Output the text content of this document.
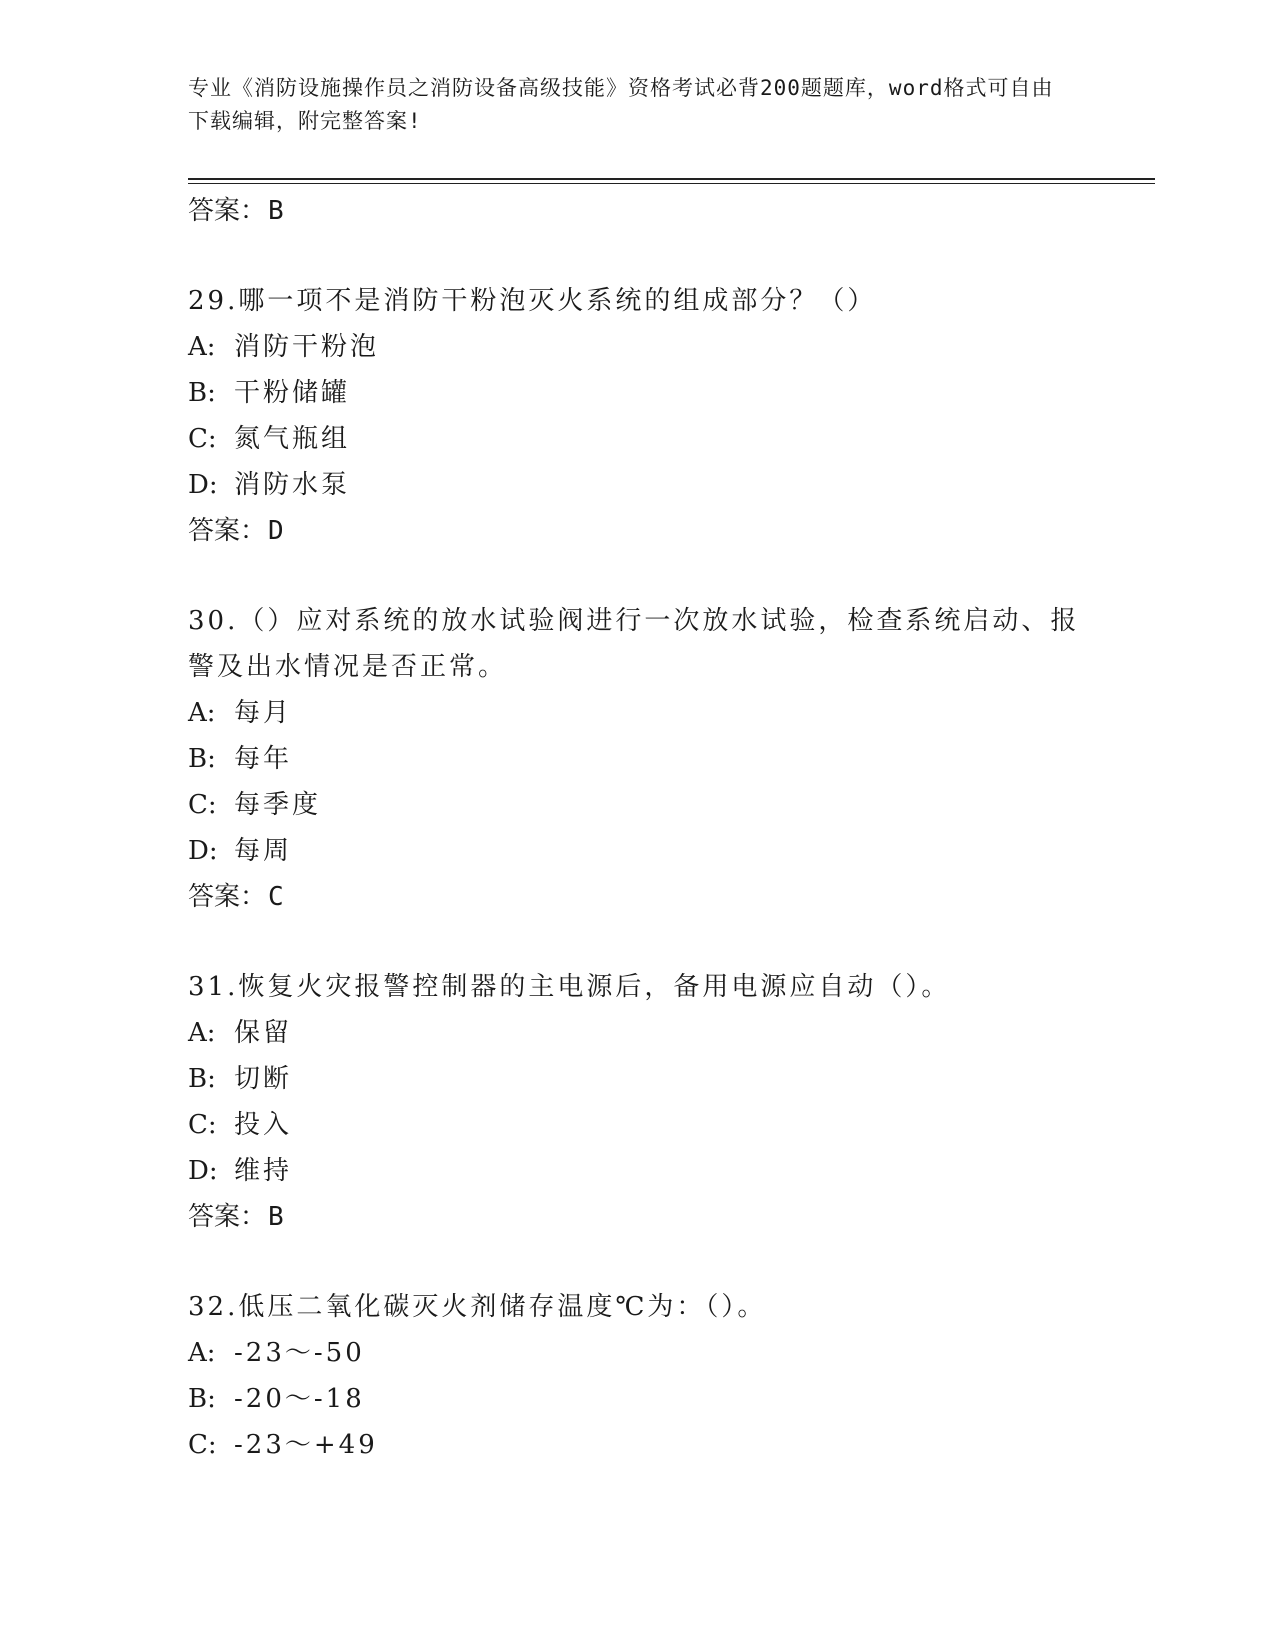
专业《消防设施操作员之消防设备高级技能》资格考试必背200题题库，word格式可自由下载编辑，附完整答案!
答案：B
29.哪一项不是消防干粉泡灭火系统的组成部分？（）
A: 消防干粉泡
B: 干粉储罐
C: 氮气瓶组
D: 消防水泵
答案：D
30.（）应对系统的放水试验阀进行一次放水试验，检查系统启动、报警及出水情况是否正常。
A: 每月
B: 每年
C: 每季度
D: 每周
答案：C
31.恢复火灾报警控制器的主电源后，备用电源应自动（）。
A: 保留
B: 切断
C: 投入
D: 维持
答案：B
32.低压二氧化碳灭火剂储存温度℃为：（）。
A: -23～-50
B: -20～-18
C: -23～+49
